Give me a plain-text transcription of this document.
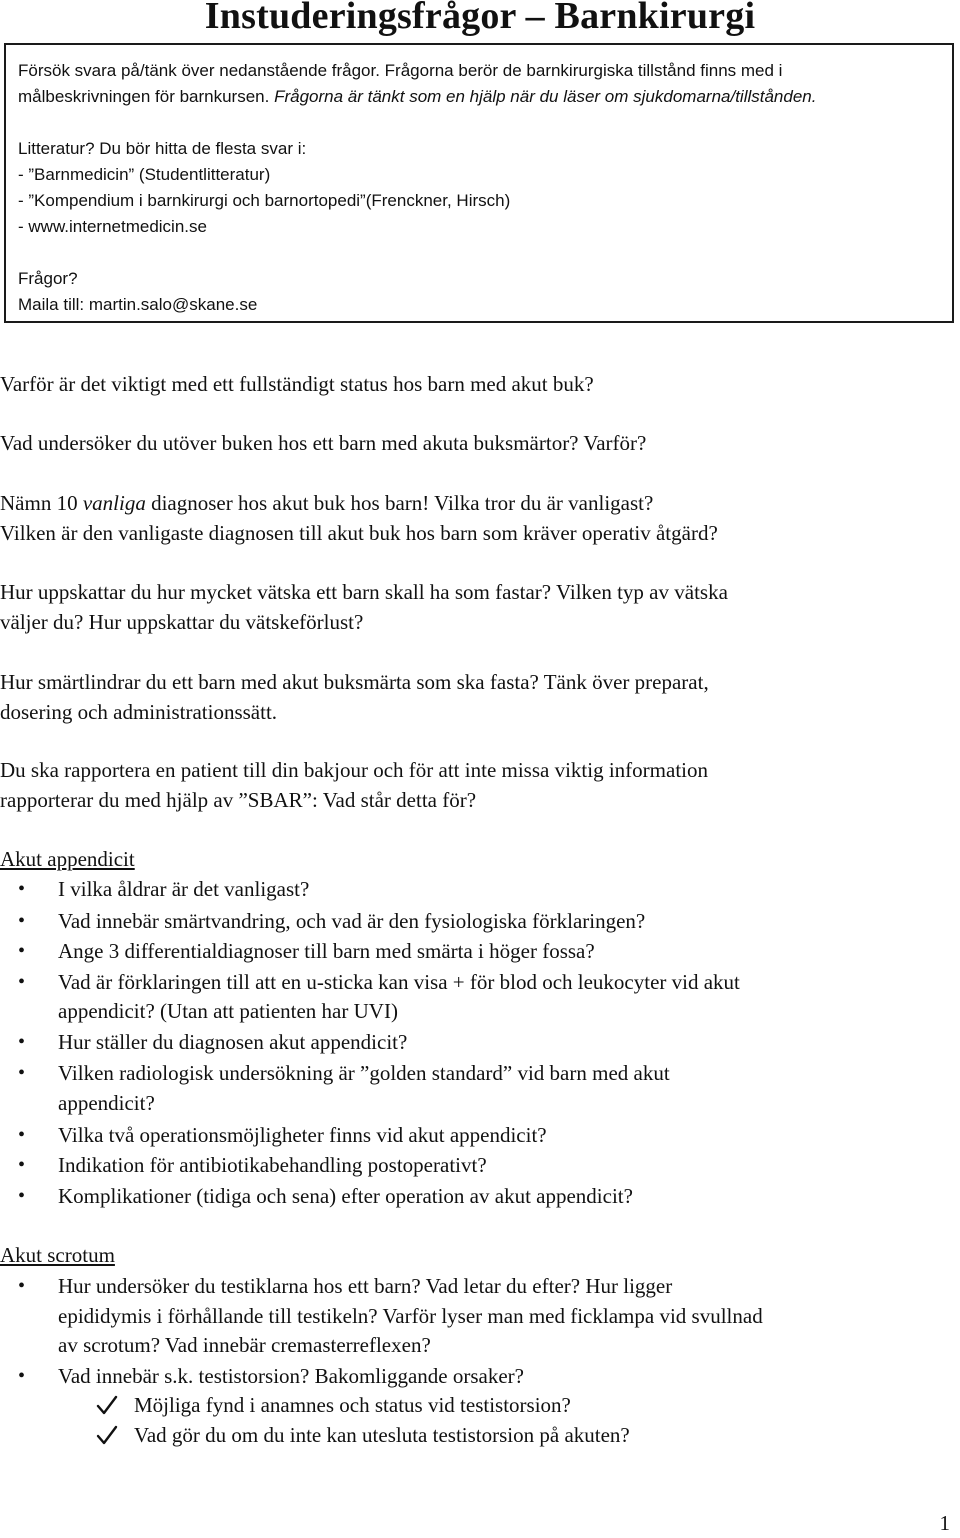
Instuderingsfrågor – Barnkirurgi
Försök svara på/tänk över nedanstående frågor. Frågorna berör de barnkirurgiska tillstånd finns med i
målbeskrivningen för barnkursen. Frågorna är tänkt som en hjälp när du läser om sjukdomarna/tillstånden.
Litteratur? Du bör hitta de flesta svar i:
- ”Barnmedicin” (Studentlitteratur)
- ”Kompendium i barnkirurgi och barnortopedi”(Frenckner, Hirsch)
- www.internetmedicin.se
Frågor?
Maila till: martin.salo@skane.se
Varför är det viktigt med ett fullständigt status hos barn med akut buk?
Vad undersöker du utöver buken hos ett barn med akuta buksmärtor? Varför?
Nämn 10 vanliga diagnoser hos akut buk hos barn! Vilka tror du är vanligast?
Vilken är den vanligaste diagnosen till akut buk hos barn som kräver operativ åtgärd?
Hur uppskattar du hur mycket vätska ett barn skall ha som fastar? Vilken typ av vätska
väljer du? Hur uppskattar du vätskeförlust?
Hur smärtlindrar du ett barn med akut buksmärta som ska fasta? Tänk över preparat,
dosering och administrationssätt.
Du ska rapportera en patient till din bakjour och för att inte missa viktig information
rapporterar du med hjälp av ”SBAR”: Vad står detta för?
Akut appendicit
• I vilka åldrar är det vanligast?
• Vad innebär smärtvandring, och vad är den fysiologiska förklaringen?
• Ange 3 differentialdiagnoser till barn med smärta i höger fossa?
• Vad är förklaringen till att en u-sticka kan visa + för blod och leukocyter vid akut
appendicit? (Utan att patienten har UVI)
• Hur ställer du diagnosen akut appendicit?
• Vilken radiologisk undersökning är ”golden standard” vid barn med akut
appendicit?
• Vilka två operationsmöjligheter finns vid akut appendicit?
• Indikation för antibiotikabehandling postoperativt?
• Komplikationer (tidiga och sena) efter operation av akut appendicit?
Akut scrotum
• Hur undersöker du testiklarna hos ett barn? Vad letar du efter? Hur ligger
epididymis i förhållande till testikeln? Varför lyser man med ficklampa vid svullnad
av scrotum? Vad innebär cremasterreflexen?
• Vad innebär s.k. testistorsion? Bakomliggande orsaker?
Möjliga fynd i anamnes och status vid testistorsion?
Vad gör du om du inte kan utesluta testistorsion på akuten?
1
